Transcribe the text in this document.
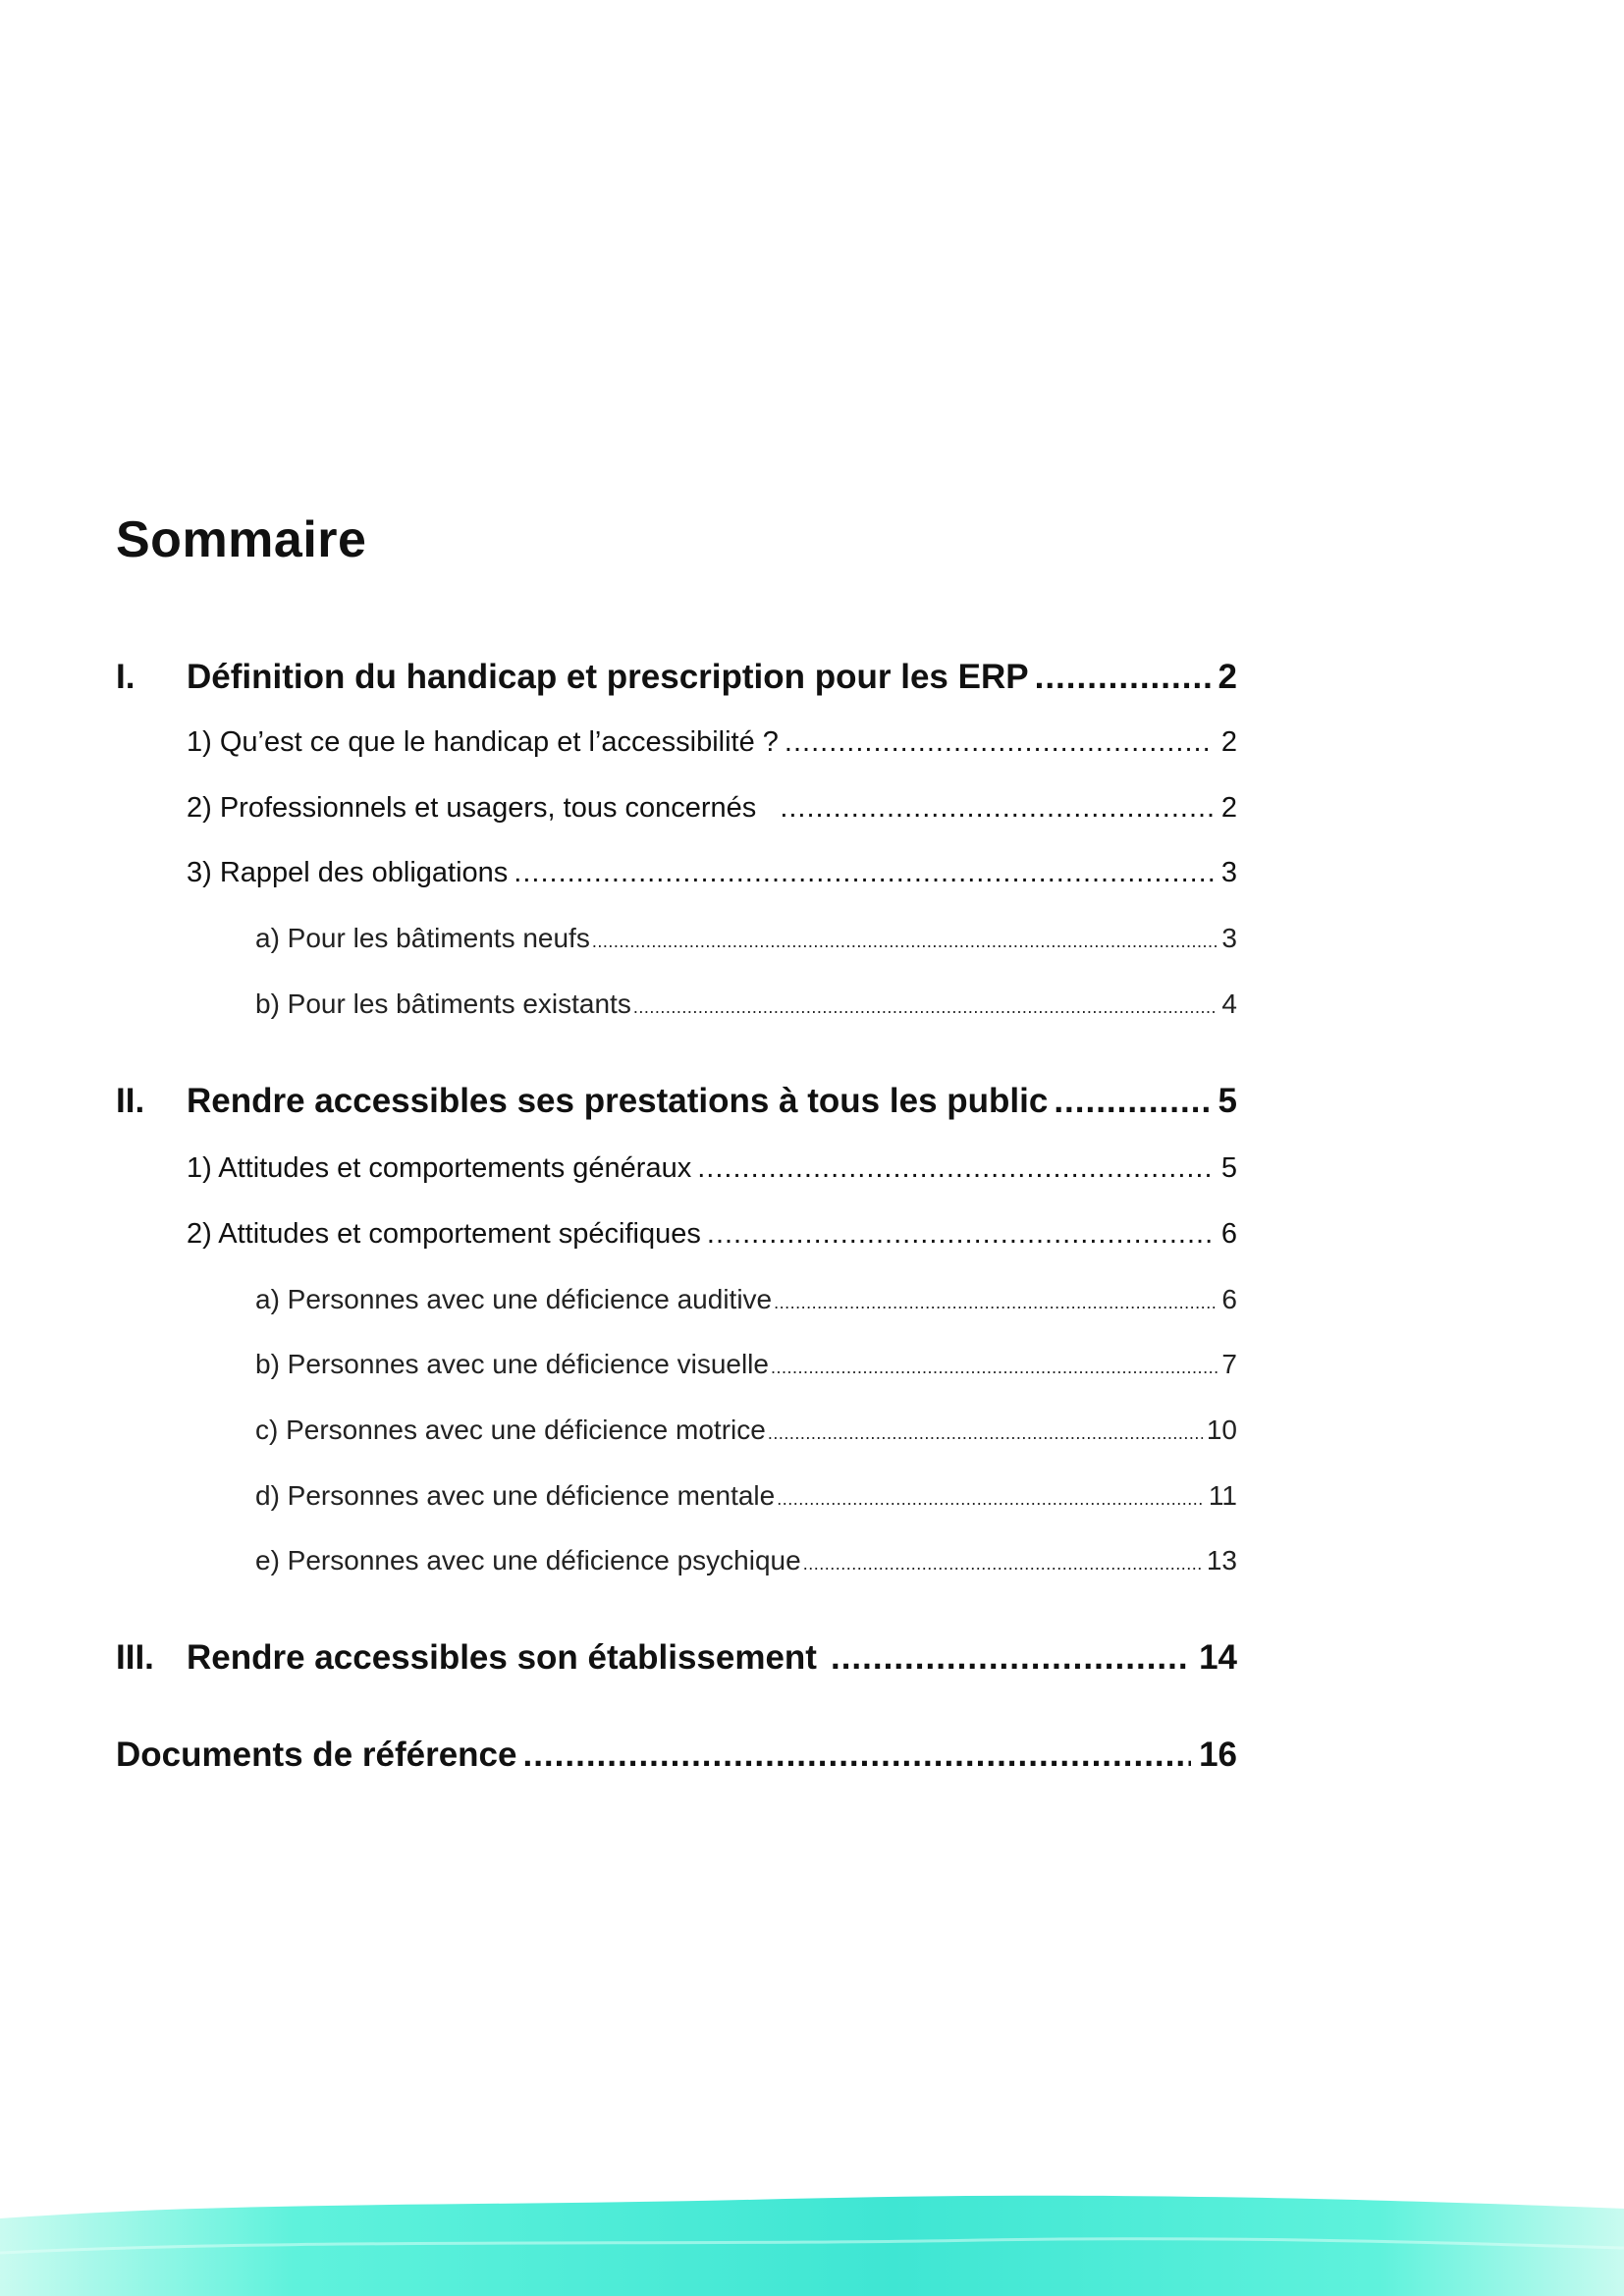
Sommaire
I.	Définition du handicap et prescription pour les ERP .....	2
1) Qu’est ce que le handicap et l’accessibilité ? .....	2
2) Professionnels et usagers, tous concernés .....	2
3) Rappel des obligations .....	3
a) Pour les bâtiments neufs .....	3
b) Pour les bâtiments existants .....	4
II.	Rendre accessibles ses prestations à tous les public .....	5
1) Attitudes et comportements généraux .....	5
2) Attitudes et comportement spécifiques .....	6
a) Personnes avec une déficience auditive .....	6
b) Personnes avec une déficience visuelle .....	7
c) Personnes avec une déficience motrice .....	10
d) Personnes avec une déficience mentale .....	11
e) Personnes avec une déficience psychique .....	13
III. Rendre accessibles son établissement .....	14
Documents de référence .....	16
